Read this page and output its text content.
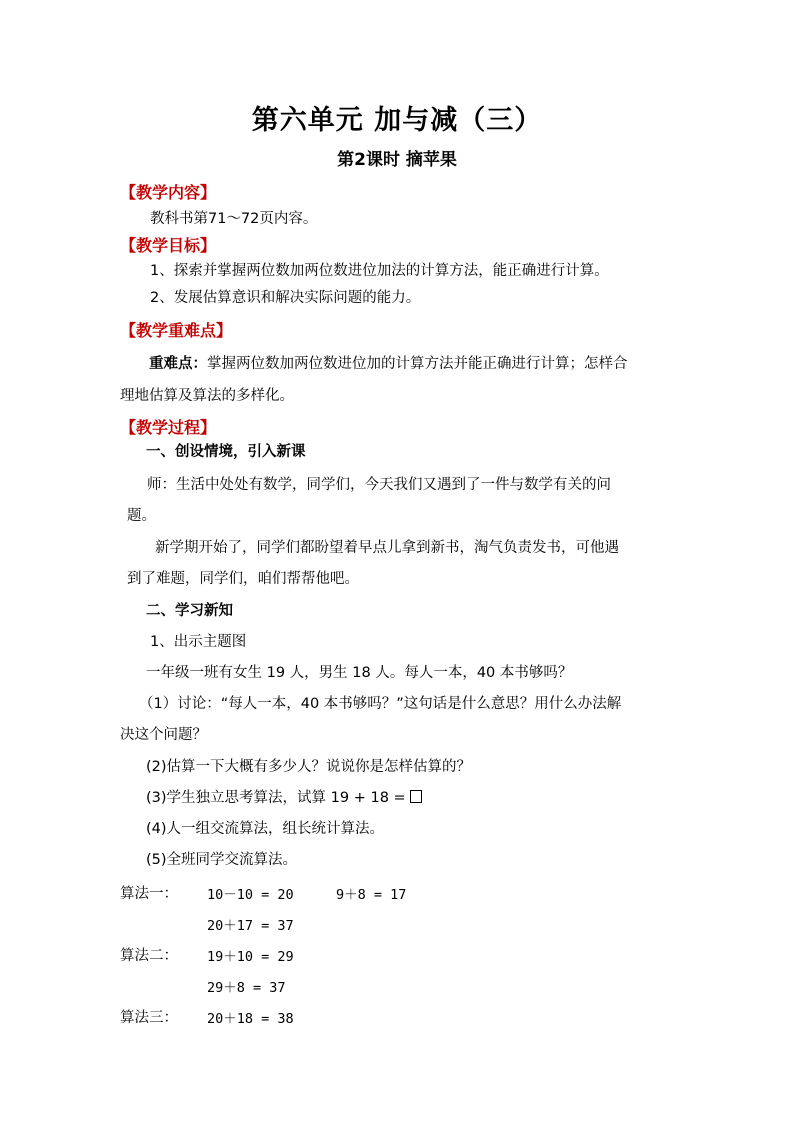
第六单元 加与减（三）
第2课时 摘苹果
【教学内容】
教科书第71～72页内容。
【教学目标】
1、探索并掌握两位数加两位数进位加法的计算方法，能正确进行计算。
2、发展估算意识和解决实际问题的能力。
【教学重难点】
重难点：掌握两位数加两位数进位加的计算方法并能正确进行计算；怎样合
理地估算及算法的多样化。
【教学过程】
一、创设情境，引入新课
师：生活中处处有数学，同学们，今天我们又遇到了一件与数学有关的问
题。
新学期开始了，同学们都盼望着早点儿拿到新书，淘气负责发书，可他遇
到了难题，同学们，咱们帮帮他吧。
二、学习新知
1、出示主题图
一年级一班有女生 19 人，男生 18 人。每人一本，40 本书够吗？
（1）讨论：“每人一本，40 本书够吗？”这句话是什么意思？用什么办法解
决这个问题？
(2)估算一下大概有多少人？说说你是怎样估算的？
(3)学生独立思考算法，试算 19 + 18 =
(4)人一组交流算法，组长统计算法。
(5)全班同学交流算法。
算法一： 10－10 = 20	9＋8 = 17
20＋17 = 37
算法二： 19＋10 = 29
29＋8 = 37
算法三： 20＋18 = 38
